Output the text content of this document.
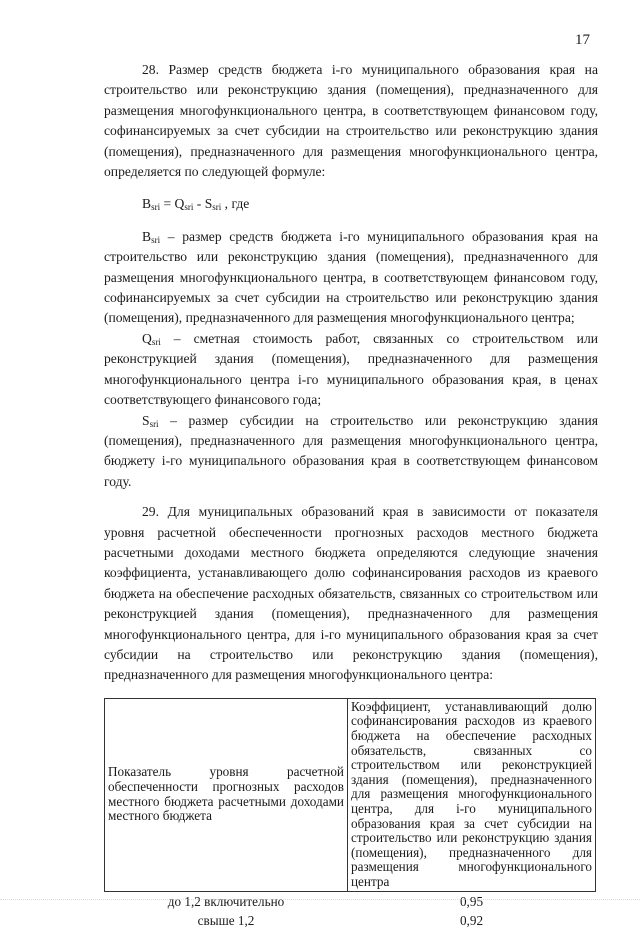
17

28. Размер средств бюджета i-го муниципального образования края на строительство или реконструкцию здания (помещения), предназначенного для размещения многофункционального центра, в соответствующем финансовом году, софинансируемых за счет субсидии на строительство или реконструкцию здания (помещения), предназначенного для размещения многофункционального центра, определяется по следующей формуле:

$B_{sri} = Q_{sri} - S_{sri}$ , где

$B_{sri}$ – размер средств бюджета i-го муниципального образования края на строительство или реконструкцию здания (помещения), предназначенного для размещения многофункционального центра, в соответствующем финансовом году, софинансируемых за счет субсидии на строительство или реконструкцию здания (помещения), предназначенного для размещения многофункционального центра;

$Q_{sri}$ – сметная стоимость работ, связанных со строительством или реконструкцией здания (помещения), предназначенного для размещения многофункционального центра i-го муниципального образования края, в ценах соответствующего финансового года;

$S_{sri}$ – размер субсидии на строительство или реконструкцию здания (помещения), предназначенного для размещения многофункционального центра, бюджету i-го муниципального образования края в соответствующем финансовом году.

29. Для муниципальных образований края в зависимости от показателя уровня расчетной обеспеченности прогнозных расходов местного бюджета расчетными доходами местного бюджета определяются следующие значения коэффициента, устанавливающего долю софинансирования расходов из краевого бюджета на обеспечение расходных обязательств, связанных со строительством или реконструкцией здания (помещения), предназначенного для размещения многофункционального центра, для i-го муниципального образования края за счет субсидии на строительство или реконструкцию здания (помещения), предназначенного для размещения многофункционального центра:

Показатель уровня расчетной обеспеченности прогнозных расходов местного бюджета расчетными доходами местного бюджета	Коэффициент, устанавливающий долю софинансирования расходов из краевого бюджета на обеспечение расходных обязательств, связанных со строительством или реконструкцией здания (помещения), предназначенного для размещения многофункционального центра, для i-го муниципального образования края за счет субсидии на строительство или реконструкцию здания (помещения), предназначенного для размещения многофункционального центра
до 1,2 включительно	0,95
свыше 1,2	0,92
